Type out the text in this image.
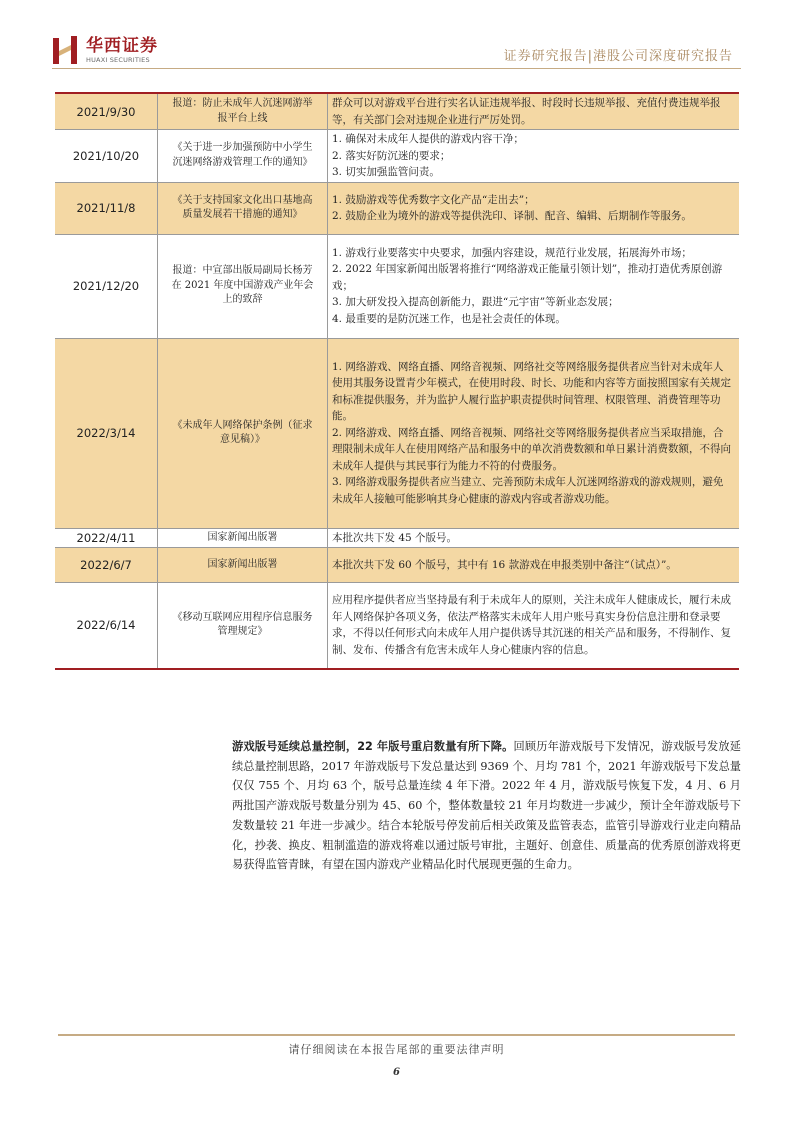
华西证券
HUAXI SECURITIES	证券研究报告|港股公司深度研究报告
2021/9/30	报道：防止未成年人沉迷网游举报平台上线	群众可以对游戏平台进行实名认证违规举报、时段时长违规举报、充值付费违规举报等，有关部门会对违规企业进行严厉处罚。

2021/10/20	《关于进一步加强预防中小学生沉迷网络游戏管理工作的通知》	1. 确保对未成年人提供的游戏内容干净；

2. 落实好防沉迷的要求；

3. 切实加强监管问责。

2021/11/8	《关于支持国家文化出口基地高质量发展若干措施的通知》	1. 鼓励游戏等优秀数字文化产品“走出去”；

2. 鼓励企业为境外的游戏等提供洗印、译制、配音、编辑、后期制作等服务。

2021/12/20	报道：中宣部出版局副局长杨芳在 2021 年度中国游戏产业年会上的致辞	1. 游戏行业要落实中央要求，加强内容建设，规范行业发展，拓展海外市场；

2. 2022 年国家新闻出版署将推行“网络游戏正能量引领计划”，推动打造优秀原创游戏；

3. 加大研发投入提高创新能力，跟进“元宇宙”等新业态发展；

4. 最重要的是防沉迷工作，也是社会责任的体现。

2022/3/14	《未成年人网络保护条例（征求意见稿）》	1. 网络游戏、网络直播、网络音视频、网络社交等网络服务提供者应当针对未成年人使用其服务设置青少年模式，在使用时段、时长、功能和内容等方面按照国家有关规定和标准提供服务，并为监护人履行监护职责提供时间管理、权限管理、消费管理等功能。

2. 网络游戏、网络直播、网络音视频、网络社交等网络服务提供者应当采取措施，合理限制未成年人在使用网络产品和服务中的单次消费数额和单日累计消费数额，不得向未成年人提供与其民事行为能力不符的付费服务。

3. 网络游戏服务提供者应当建立、完善预防未成年人沉迷网络游戏的游戏规则，避免未成年人接触可能影响其身心健康的游戏内容或者游戏功能。

2022/4/11	国家新闻出版署	本批次共下发 45 个版号。

2022/6/7	国家新闻出版署	本批次共下发 60 个版号，其中有 16 款游戏在申报类别中备注“（试点）”。

2022/6/14	《移动互联网应用程序信息服务管理规定》	应用程序提供者应当坚持最有利于未成年人的原则，关注未成年人健康成长，履行未成年人网络保护各项义务，依法严格落实未成年人用户账号真实身份信息注册和登录要求，不得以任何形式向未成年人用户提供诱导其沉迷的相关产品和服务，不得制作、复制、发布、传播含有危害未成年人身心健康内容的信息。

游戏版号延续总量控制，22 年版号重启数量有所下降。回顾历年游戏版号下发情况，游戏版号发放延续总量控制思路，2017 年游戏版号下发总量达到 9369 个、月均 781 个，2021 年游戏版号下发总量仅仅 755 个、月均 63 个，版号总量连续 4 年下滑。2022 年 4 月，游戏版号恢复下发，4 月、6 月两批国产游戏版号数量分别为 45、60 个，整体数量较 21 年月均数进一步减少，预计全年游戏版号下发数量较 21 年进一步减少。结合本轮版号停发前后相关政策及监管表态，监管引导游戏行业走向精品化，抄袭、换皮、粗制滥造的游戏将难以通过版号审批，主题好、创意佳、质量高的优秀原创游戏将更易获得监管青睐，有望在国内游戏产业精品化时代展现更强的生命力。
请仔细阅读在本报告尾部的重要法律声明
6
